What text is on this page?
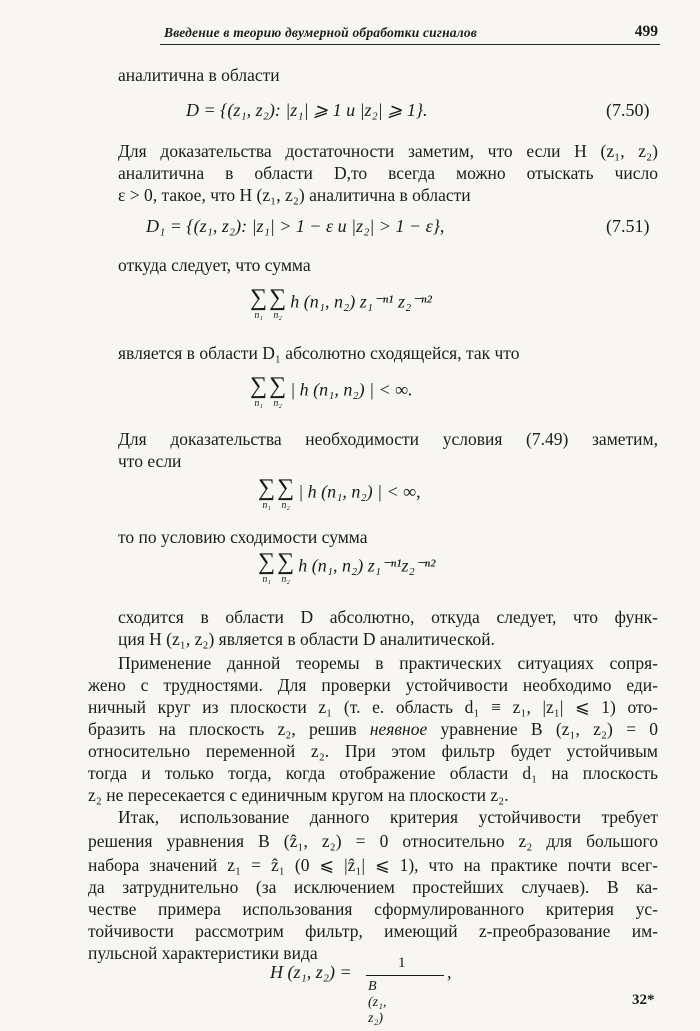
Введение в теорию двумерной обработки сигналов	499
аналитична в области
D = {(z₁, z₂): |z₁| ⩾ 1 и |z₂| ⩾ 1}.	(7.50)
Для доказательства достаточности заметим, что если H (z₁, z₂)
аналитична в области D,то всегда можно отыскать число
ε > 0, такое, что H (z₁, z₂) аналитична в области
D₁ = {(z₁, z₂): |z₁| > 1 − ε и |z₂| > 1 − ε},	(7.51)
откуда следует, что сумма
∑
n₁
∑
n₂
h (n₁, n₂) z₁⁻ⁿ¹ z₂⁻ⁿ²
является в области D₁ абсолютно сходящейся, так что
∑
n₁
∑
n₂
| h (n₁, n₂) | < ∞.
Для доказательства необходимости условия (7.49) заметим,
что если
∑
n₁
∑
n₂
| h (n₁, n₂) | < ∞,
то по условию сходимости сумма
∑
n₁
∑
n₂
h (n₁, n₂) z₁⁻ⁿ¹z₂⁻ⁿ²
сходится в области D абсолютно, откуда следует, что функ-
ция H (z₁, z₂) является в области D аналитической.
Применение данной теоремы в практических ситуациях сопря-
жено с трудностями. Для проверки устойчивости необходимо еди-
ничный круг из плоскости z₁ (т. е. область d₁ ≡ z₁, |z₁| ⩽ 1) ото-
бразить на плоскость z₂, решив неявное уравнение B (z₁, z₂) = 0
относительно переменной z₂. При этом фильтр будет устойчивым
тогда и только тогда, когда отображение области d₁ на плоскость
z₂ не пересекается с единичным кругом на плоскости z₂.
Итак, использование данного критерия устойчивости требует
решения уравнения B (ẑ₁, z₂) = 0 относительно z₂ для большого
набора значений z₁ = ẑ₁ (0 ⩽ |ẑ₁| ⩽ 1), что на практике почти всег-
да затруднительно (за исключением простейших случаев). В ка-
честве примера использования сформулированного критерия ус-
тойчивости рассмотрим фильтр, имеющий z-преобразование им-
пульсной характеристики вида
H (z₁, z₂) =	1
B (z₁, z₂)
,
32*
